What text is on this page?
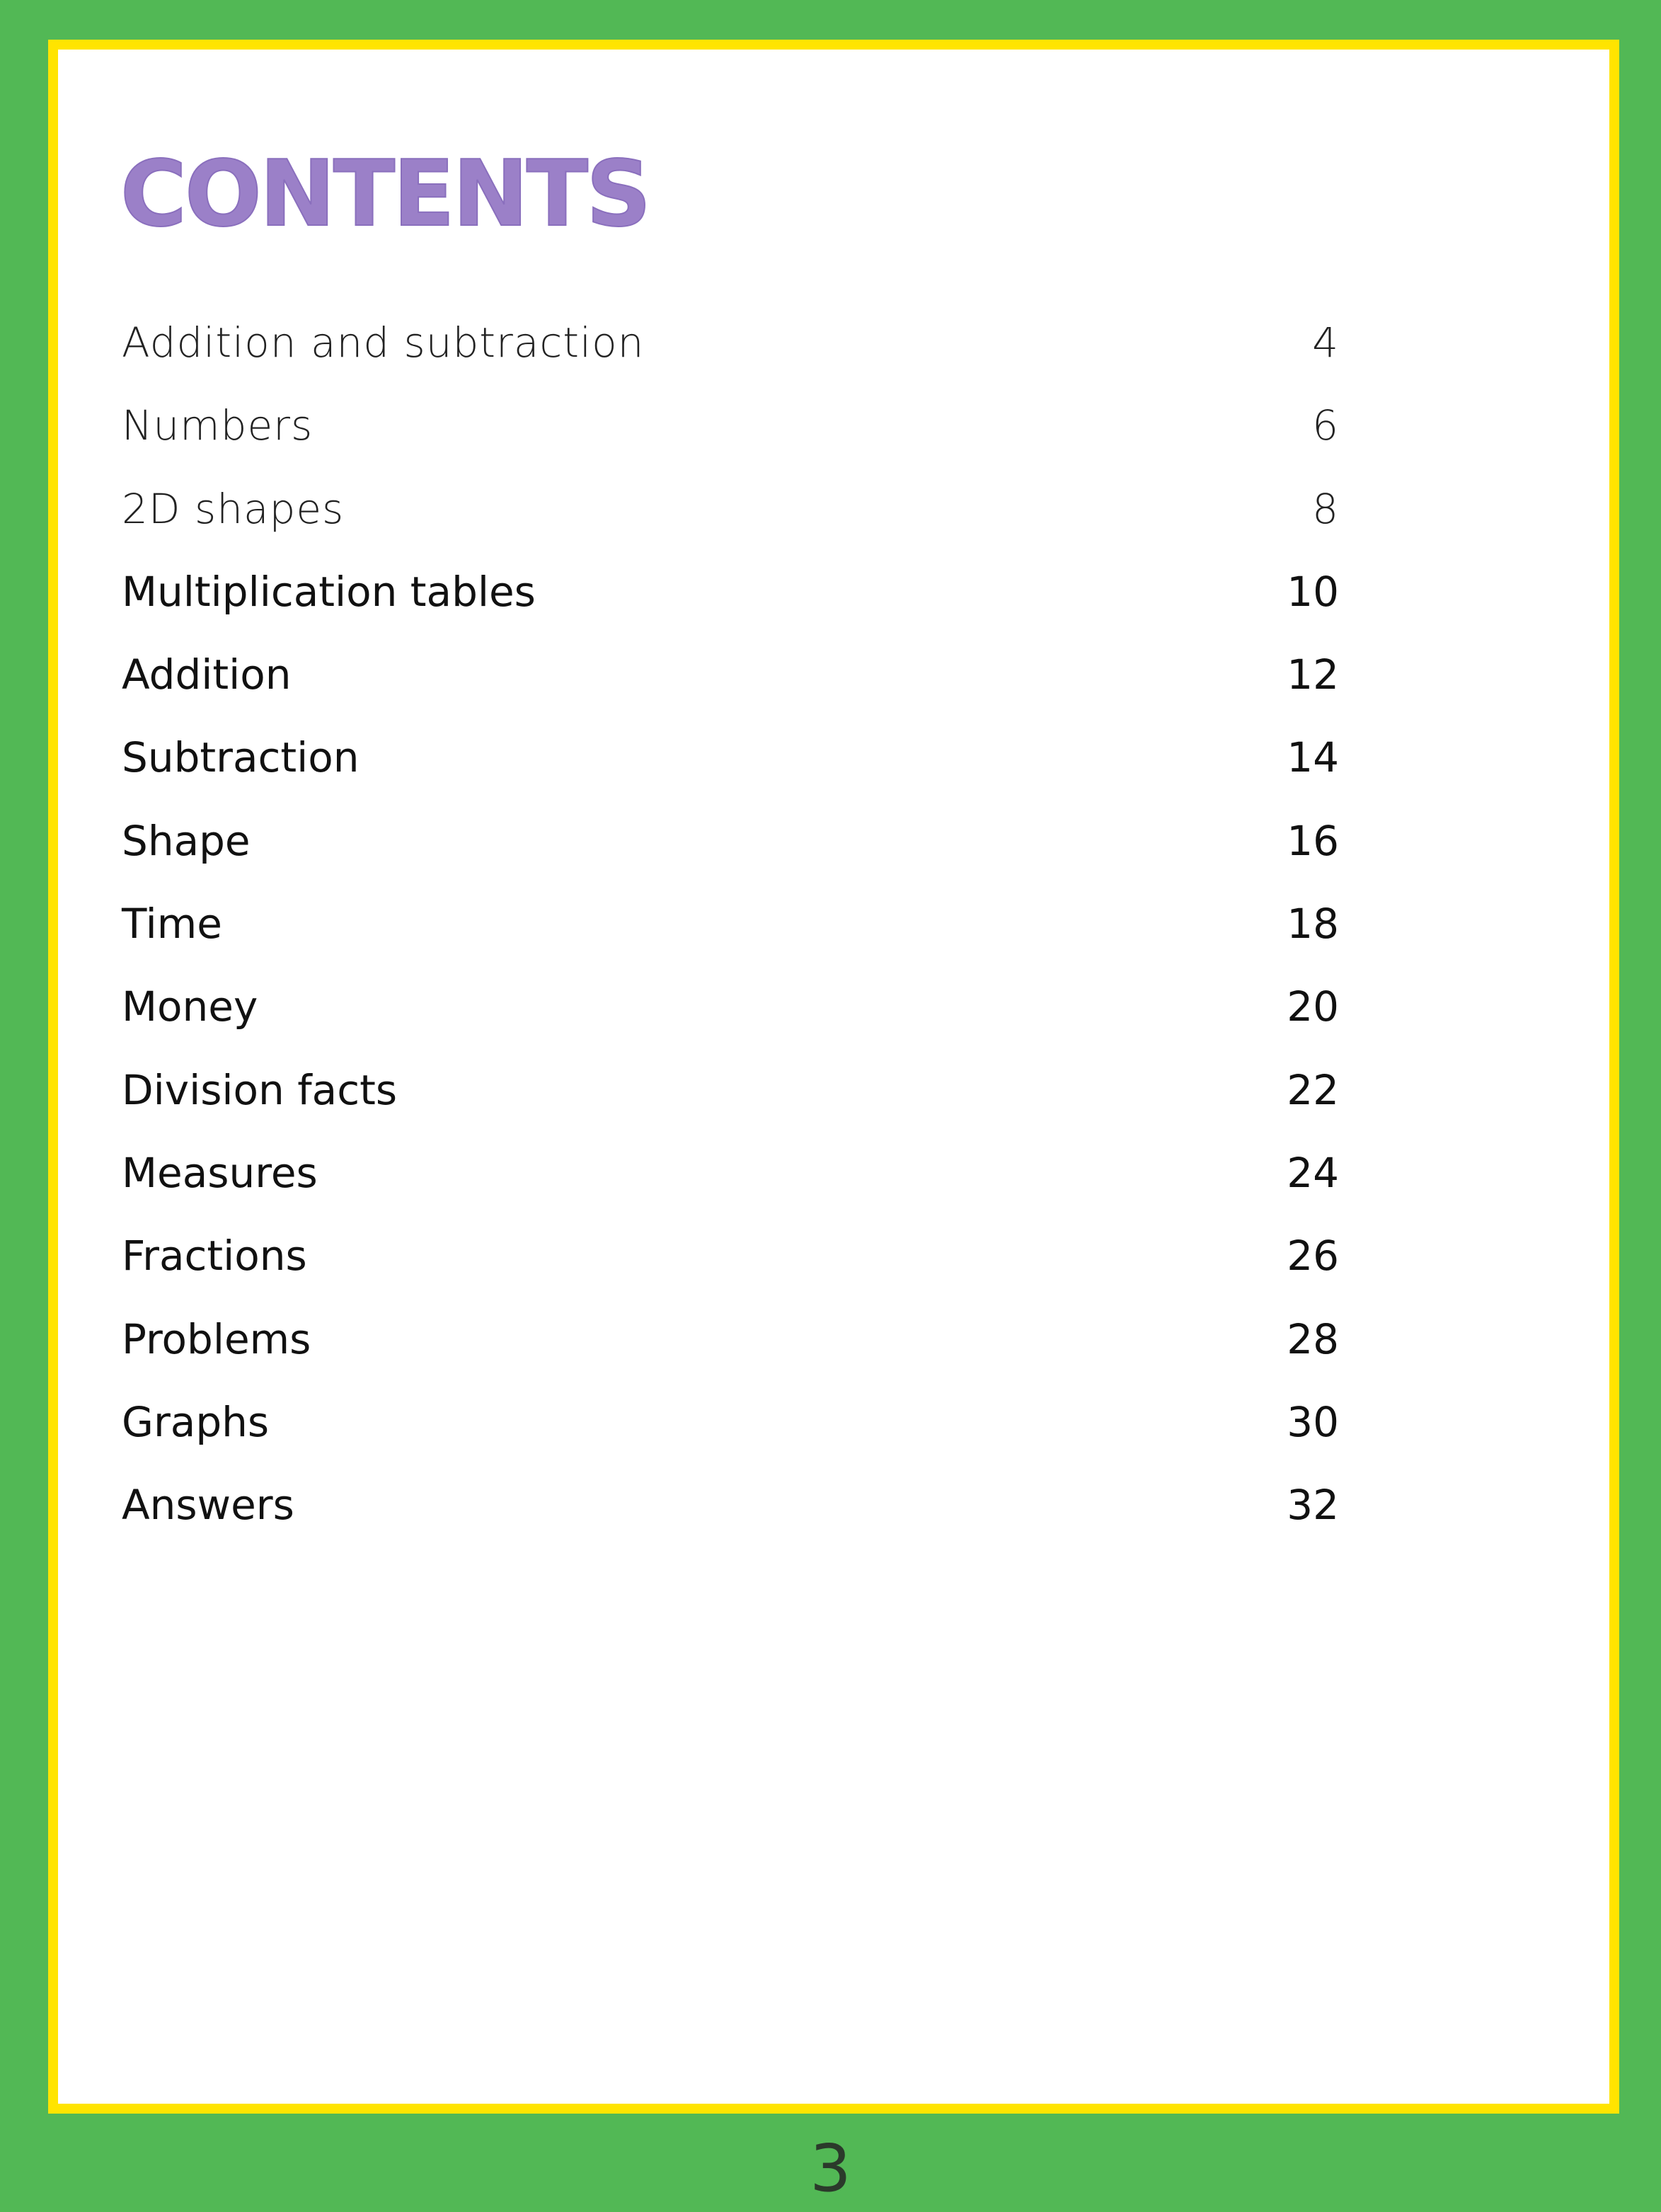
CONTENTS
Addition and subtraction	4
Numbers	6
2D shapes	8
Multiplication tables	10
Addition	12
Subtraction	14
Shape	16
Time	18
Money	20
Division facts	22
Measures	24
Fractions	26
Problems	28
Graphs	30
Answers	32
3
